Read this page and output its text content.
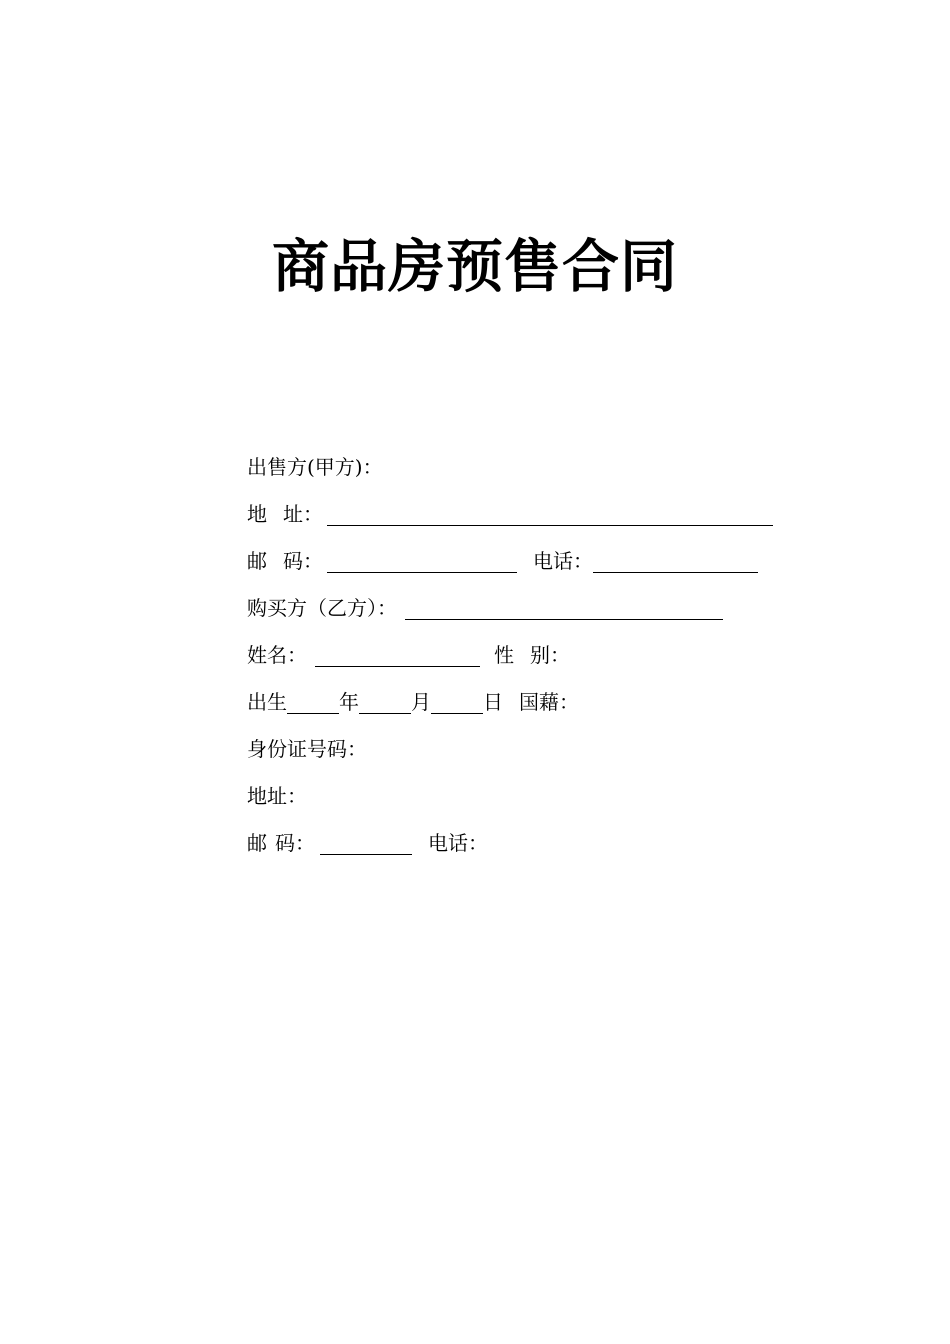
商品房预售合同
出售方(甲方)：
地 址：
邮 码：	电话：
购买方（乙方）：
姓名：	性 别：
出生	年	月	日 国藉：
身份证号码：
地址：
邮 码：	电话：
